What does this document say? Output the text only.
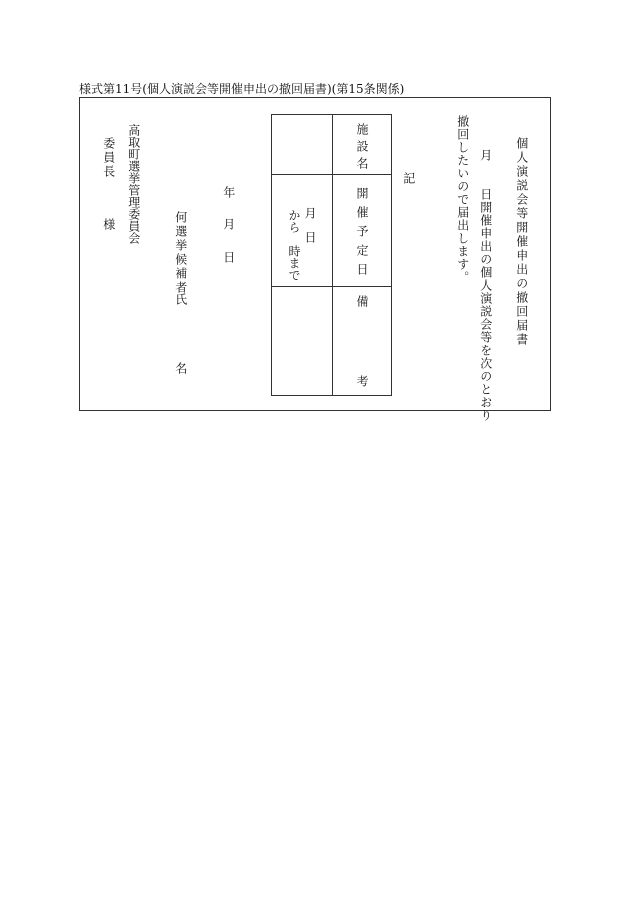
様式第11号(個人演説会等開催申出の撤回届書)(第15条関係)
個人演説会等開催申出の撤回届書
月　　日開催申出の個人演説会等を次のとおり
撤回したいので届出します。
記
施設名
開催予定日
月　日
から　時まで
備
考
年
月
日
何選挙候補者
氏
名
高取町選挙管理委員会
委員長
様
